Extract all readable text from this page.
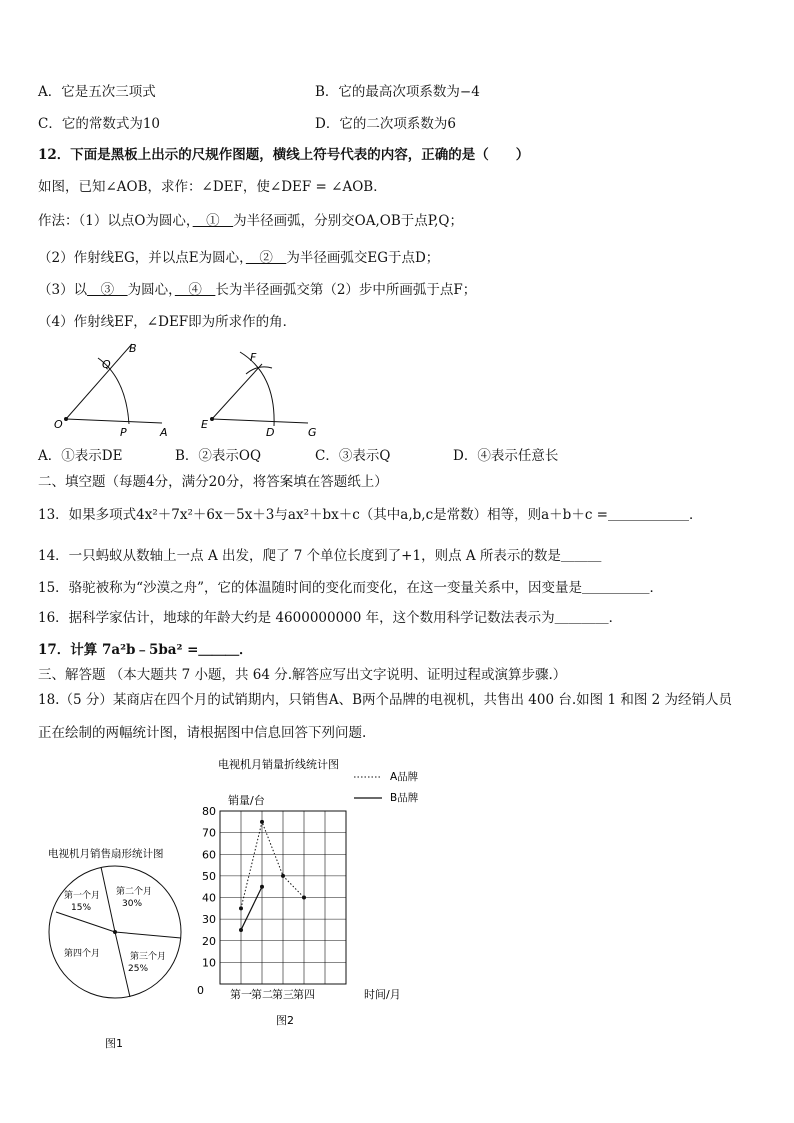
A．它是五次三项式	B．它的最高次项系数为−4
C．它的常数式为10	D．它的二次项系数为6
12．下面是黑板上出示的尺规作图题，横线上符号代表的内容，正确的是（　　）
如图，已知∠AOB，求作：∠DEF，使∠DEF = ∠AOB．
作法：（1）以点O为圆心，　①　为半径画弧，分别交OA,OB于点P,Q；
（2）作射线EG，并以点E为圆心，　②　为半径画弧交EG于点D；
（3）以　③　为圆心，　④　长为半径画弧交第（2）步中所画弧于点F；
（4）作射线EF，∠DEF即为所求作的角．
B
Q
O
P	A
F
E
D	G
A．①表示DE	B．②表示OQ	C．③表示Q	D．④表示任意长
二、填空题（每题4分，满分20分，将答案填在答题纸上）
13．如果多项式4x²＋7x²＋6x－5x＋3与ax²＋bx＋c（其中a,b,c是常数）相等，则a＋b＋c =＿＿＿＿＿＿．
14．一只蚂蚁从数轴上一点 A 出发，爬了 7 个单位长度到了+1，则点 A 所表示的数是＿＿＿
15．骆驼被称为“沙漠之舟”，它的体温随时间的变化而变化，在这一变量关系中，因变量是＿＿＿＿＿．
16．据科学家估计，地球的年龄大约是 4600000000 年，这个数用科学记数法表示为＿＿＿＿．
17．计算 7a²b﹣5ba² =＿＿＿．
三、解答题 （本大题共 7 小题，共 64 分.解答应写出文字说明、证明过程或演算步骤.）
18.（5 分）某商店在四个月的试销期内，只销售A、B两个品牌的电视机，共售出 400 台.如图 1 和图 2 为经销人员
正在绘制的两幅统计图，请根据图中信息回答下列问题.
电视机月销售扇形统计图
第一个月
15%
第二个月
30%
第三个月
25%
第四个月
图1
电视机月销量折线统计图
销量/台
时间/月
A品牌
B品牌
图2
0
10
20
30
40
50
60
70
80
第一 第二 第三 第四
